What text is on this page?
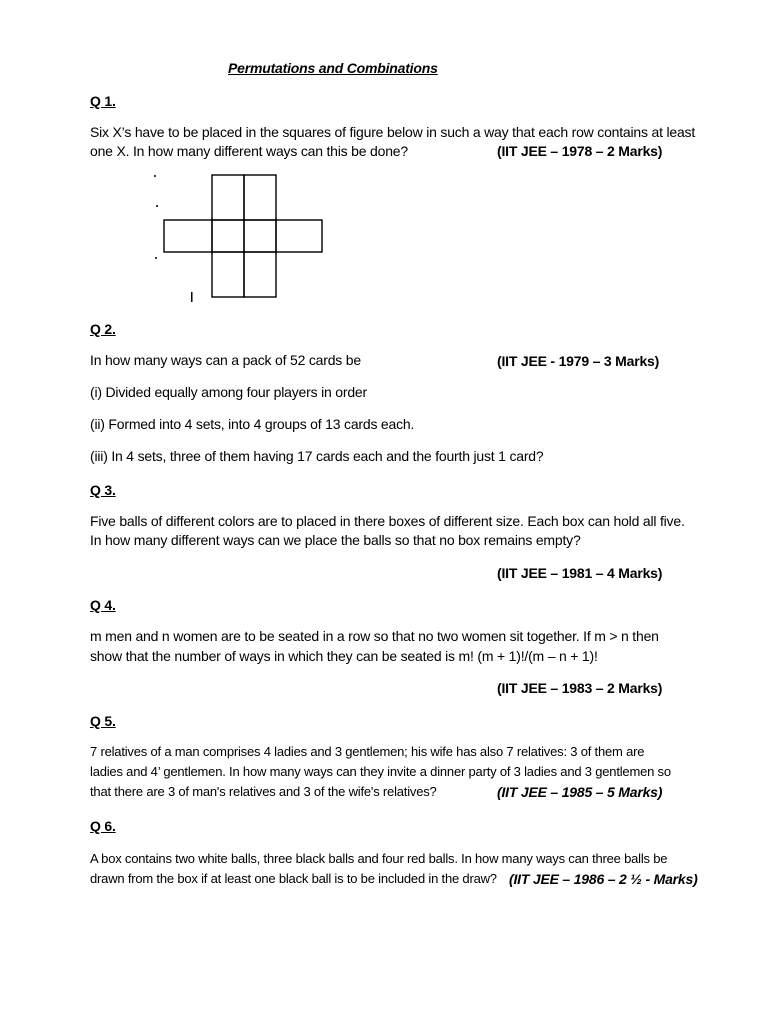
Permutations and Combinations
Q 1.
Six X’s have to be placed in the squares of figure below in such a way that each row contains at least
one X. In how many different ways can this be done?	(IIT JEE – 1978 – 2 Marks)
Q 2.
In how many ways can a pack of 52 cards be	(IIT JEE - 1979 – 3 Marks)
(i) Divided equally among four players in order
(ii) Formed into 4 sets, into 4 groups of 13 cards each.
(iii) In 4 sets, three of them having 17 cards each and the fourth just 1 card?
Q 3.
Five balls of different colors are to placed in there boxes of different size. Each box can hold all five.
In how many different ways can we place the balls so that no box remains empty?
(IIT JEE – 1981 – 4 Marks)
Q 4.
m men and n women are to be seated in a row so that no two women sit together. If m > n then
show that the number of ways in which they can be seated is m! (m + 1)!/(m – n + 1)!
(IIT JEE – 1983 – 2 Marks)
Q 5.
7 relatives of a man comprises 4 ladies and 3 gentlemen; his wife has also 7 relatives: 3 of them are
ladies and 4’ gentlemen. In how many ways can they invite a dinner party of 3 ladies and 3 gentlemen so
that there are 3 of man's relatives and 3 of the wife's relatives?	(IIT JEE – 1985 – 5 Marks)
Q 6.
A box contains two white balls, three black balls and four red balls. In how many ways can three balls be
drawn from the box if at least one black ball is to be included in the draw? (IIT JEE – 1986 – 2 ½ - Marks)
